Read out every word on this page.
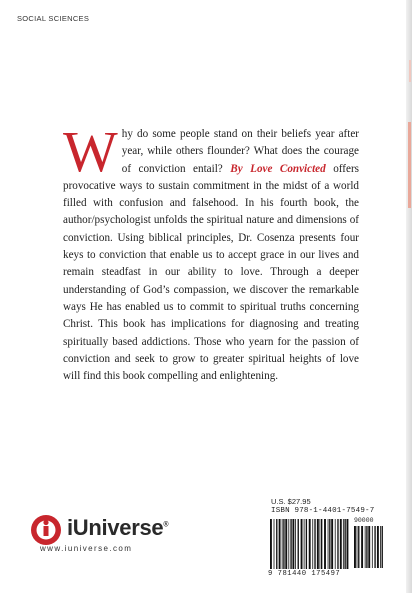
SOCIAL SCIENCES
Why do some people stand on their beliefs year after year, while others flounder? What does the courage of conviction entail? By Love Convicted offers provocative ways to sustain commitment in the midst of a world filled with confusion and falsehood. In his fourth book, the author/psychologist unfolds the spiritual nature and dimensions of conviction. Using biblical principles, Dr. Cosenza presents four keys to conviction that enable us to accept grace in our lives and remain steadfast in our ability to love. Through a deeper understanding of God’s compassion, we discover the remarkable ways He has enabled us to commit to spiritual truths concerning Christ. This book has implications for diagnosing and treating spiritually based addictions. Those who yearn for the passion of conviction and seek to grow to greater spiritual heights of love will find this book compelling and enlightening.
U.S. $27.95
ISBN 978-1-4401-7549-7
90000
9 781440 175497
iUniverse®
www.iuniverse.com
